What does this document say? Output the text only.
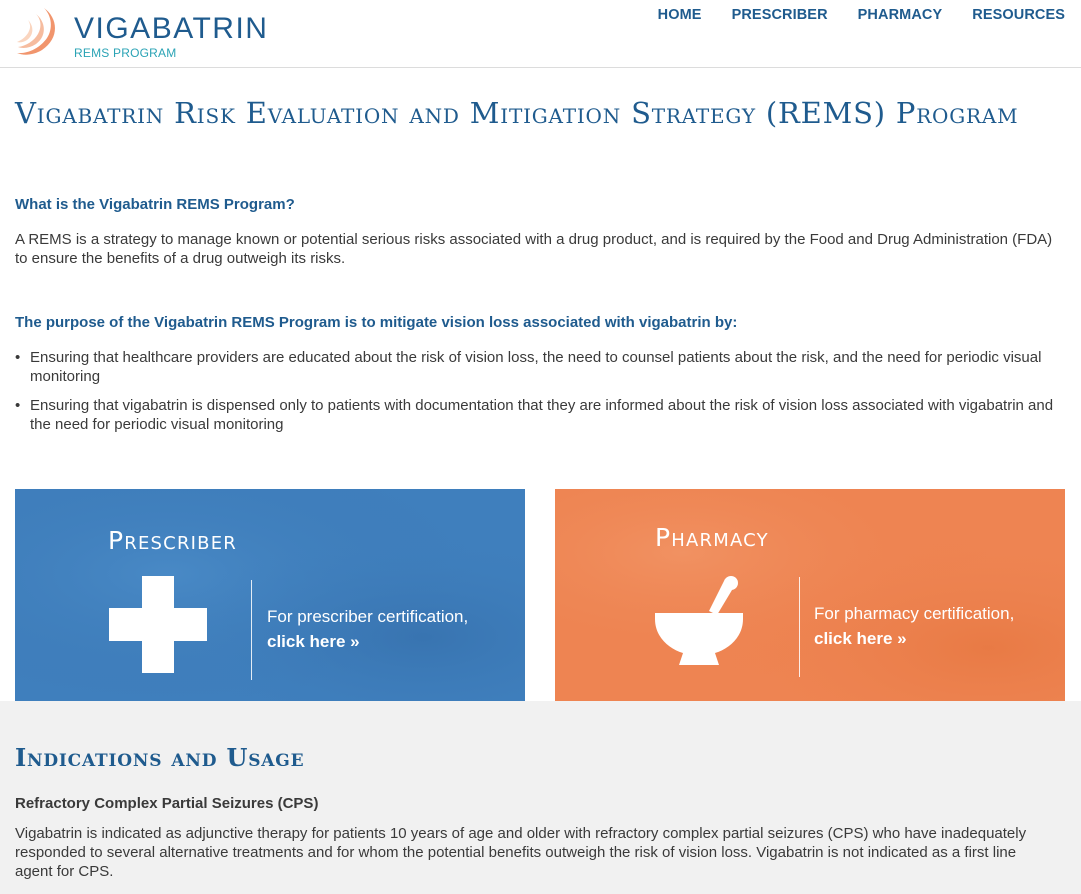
VIGABATRIN
REMS PROGRAM
HOME PRESCRIBER PHARMACY RESOURCES
Vigabatrin Risk Evaluation and Mitigation Strategy (REMS) Program
What is the Vigabatrin REMS Program?

A REMS is a strategy to manage known or potential serious risks associated with a drug product, and is required by the Food and Drug Administration (FDA) to ensure the benefits of a drug outweigh its risks.

The purpose of the Vigabatrin REMS Program is to mitigate vision loss associated with vigabatrin by:
• Ensuring that healthcare providers are educated about the risk of vision loss, the need to counsel patients about the risk, and the need for periodic visual monitoring
• Ensuring that vigabatrin is dispensed only to patients with documentation that they are informed about the risk of vision loss associated with vigabatrin and the need for periodic visual monitoring
Prescriber
For prescriber certification,
click here »
Pharmacy
For pharmacy certification,
click here »
Indications and Usage
Refractory Complex Partial Seizures (CPS)

Vigabatrin is indicated as adjunctive therapy for patients 10 years of age and older with refractory complex partial seizures (CPS) who have inadequately responded to several alternative treatments and for whom the potential benefits outweigh the risk of vision loss. Vigabatrin is not indicated as a first line agent for CPS.
